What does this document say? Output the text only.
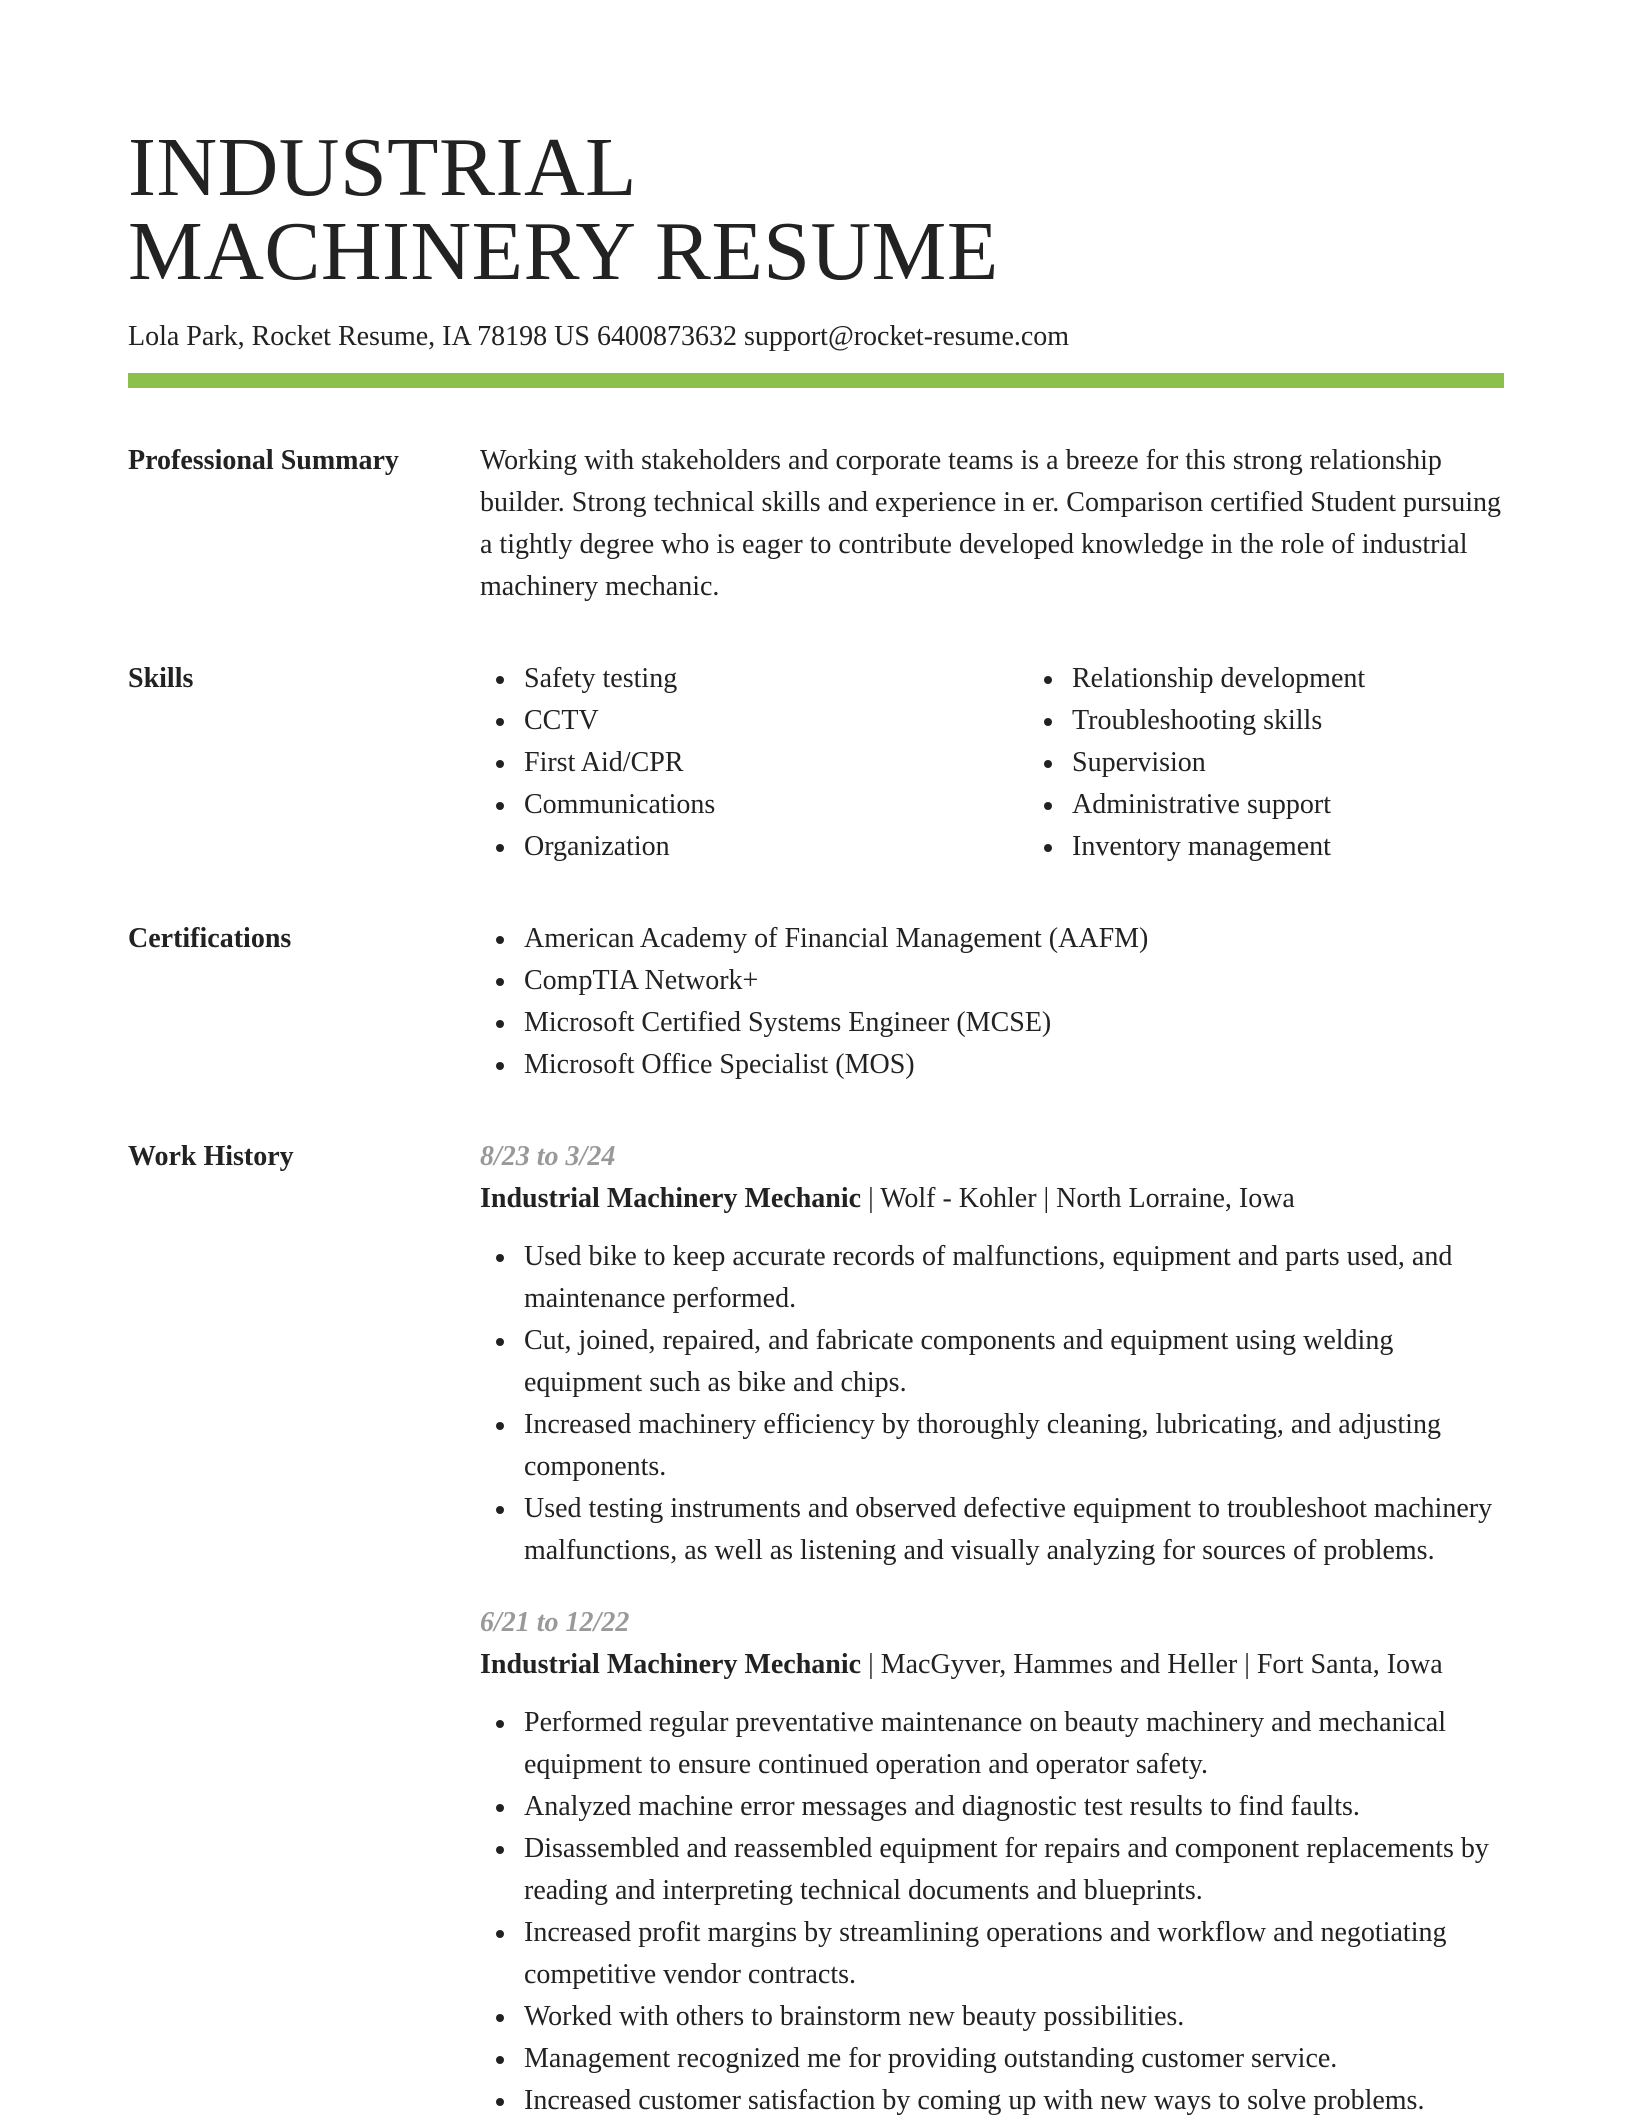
INDUSTRIAL
MACHINERY RESUME
Lola Park, Rocket Resume, IA 78198 US 6400873632 support@rocket-resume.com
Professional Summary	Working with stakeholders and corporate teams is a breeze for this strong relationship builder. Strong technical skills and experience in er. Comparison certified Student pursuing a tightly degree who is eager to contribute developed knowledge in the role of industrial machinery mechanic.
Skills	Safety testing
CCTV
First Aid/CPR
Communications
Organization
Relationship development
Troubleshooting skills
Supervision
Administrative support
Inventory management
Certifications	American Academy of Financial Management (AAFM)
CompTIA Network+
Microsoft Certified Systems Engineer (MCSE)
Microsoft Office Specialist (MOS)
Work History	8/23 to 3/24
Industrial Machinery Mechanic | Wolf - Kohler | North Lorraine, Iowa
Used bike to keep accurate records of malfunctions, equipment and parts used, and maintenance performed.
Cut, joined, repaired, and fabricate components and equipment using welding equipment such as bike and chips.
Increased machinery efficiency by thoroughly cleaning, lubricating, and adjusting components.
Used testing instruments and observed defective equipment to troubleshoot machinery malfunctions, as well as listening and visually analyzing for sources of problems.
6/21 to 12/22
Industrial Machinery Mechanic | MacGyver, Hammes and Heller | Fort Santa, Iowa
Performed regular preventative maintenance on beauty machinery and mechanical equipment to ensure continued operation and operator safety.
Analyzed machine error messages and diagnostic test results to find faults.
Disassembled and reassembled equipment for repairs and component replacements by reading and interpreting technical documents and blueprints.
Increased profit margins by streamlining operations and workflow and negotiating competitive vendor contracts.
Worked with others to brainstorm new beauty possibilities.
Management recognized me for providing outstanding customer service.
Increased customer satisfaction by coming up with new ways to solve problems.
